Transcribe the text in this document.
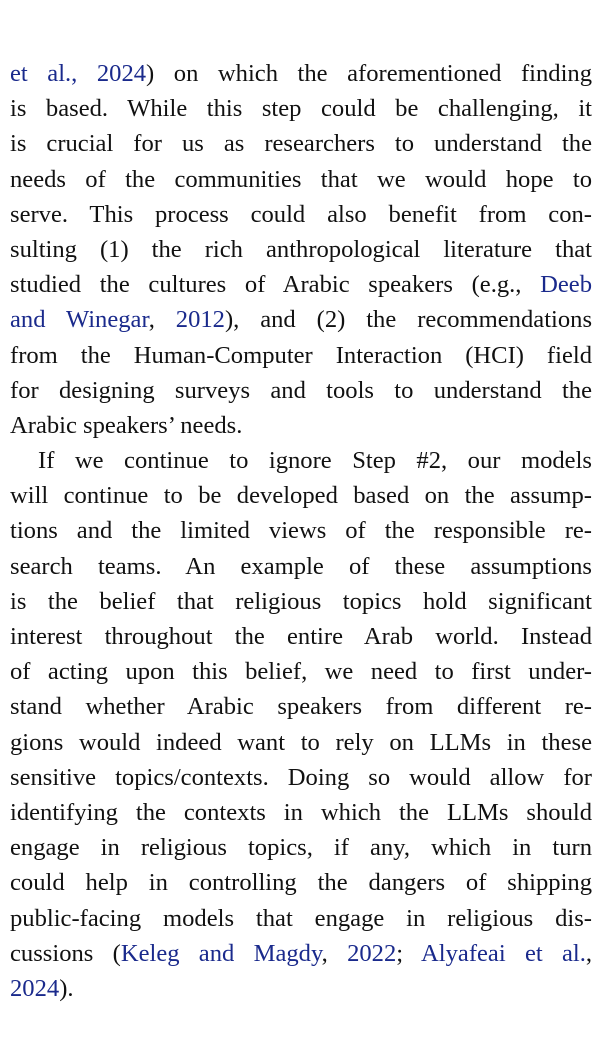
et al., 2024) on which the aforementioned finding
is based. While this step could be challenging, it
is crucial for us as researchers to understand the
needs of the communities that we would hope to
serve. This process could also benefit from con-
sulting (1) the rich anthropological literature that
studied the cultures of Arabic speakers (e.g., Deeb
and Winegar, 2012), and (2) the recommendations
from the Human-Computer Interaction (HCI) field
for designing surveys and tools to understand the
Arabic speakers’ needs.
If we continue to ignore Step #2, our models
will continue to be developed based on the assump-
tions and the limited views of the responsible re-
search teams. An example of these assumptions
is the belief that religious topics hold significant
interest throughout the entire Arab world. Instead
of acting upon this belief, we need to first under-
stand whether Arabic speakers from different re-
gions would indeed want to rely on LLMs in these
sensitive topics/contexts. Doing so would allow for
identifying the contexts in which the LLMs should
engage in religious topics, if any, which in turn
could help in controlling the dangers of shipping
public-facing models that engage in religious dis-
cussions (Keleg and Magdy, 2022; Alyafeai et al.,
2024).
